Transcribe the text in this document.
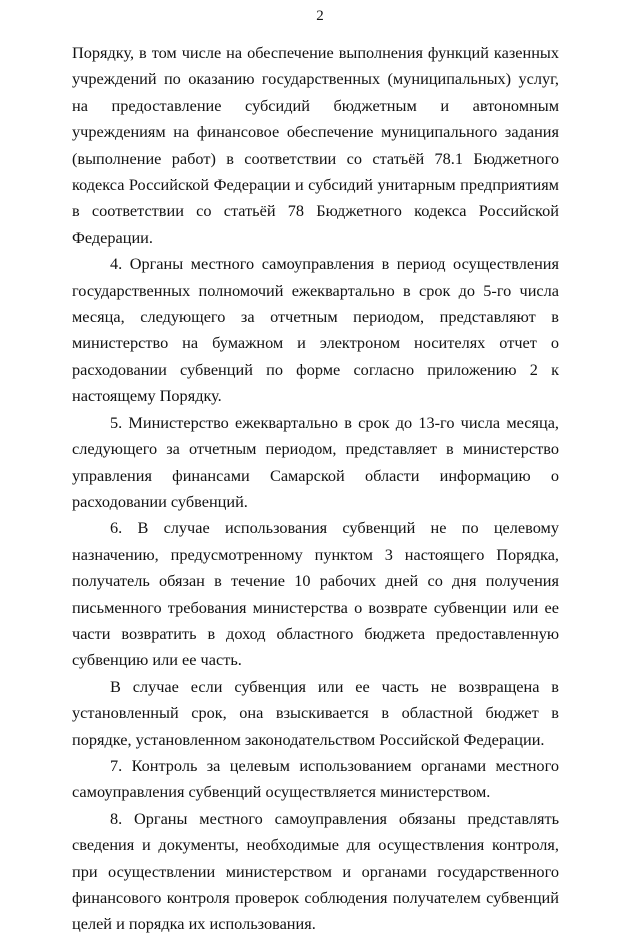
2

Порядку, в том числе на обеспечение выполнения функций казенных учреждений по оказанию государственных (муниципальных) услуг, на предоставление субсидий бюджетным и автономным учреждениям на финансовое обеспечение муниципального задания (выполнение работ) в соответствии со статьёй 78.1 Бюджетного кодекса Российской Федерации и субсидий унитарным предприятиям в соответствии со статьёй 78 Бюджетного кодекса Российской Федерации.

4. Органы местного самоуправления в период осуществления государственных полномочий ежеквартально в срок до 5-го числа месяца, следующего за отчетным периодом, представляют в министерство на бумажном и электроном носителях отчет о расходовании субвенций по форме согласно приложению 2 к настоящему Порядку.

5. Министерство ежеквартально в срок до 13-го числа месяца, следующего за отчетным периодом, представляет в министерство управления финансами Самарской области информацию о расходовании субвенций.

6. В случае использования субвенций не по целевому назначению, предусмотренному пунктом 3 настоящего Порядка, получатель обязан в течение 10 рабочих дней со дня получения письменного требования министерства о возврате субвенции или ее части возвратить в доход областного бюджета предоставленную субвенцию или ее часть.

В случае если субвенция или ее часть не возвращена в установленный срок, она взыскивается в областной бюджет в порядке, установленном законодательством Российской Федерации.

7. Контроль за целевым использованием органами местного самоуправления субвенций осуществляется министерством.

8. Органы местного самоуправления обязаны представлять сведения и документы, необходимые для осуществления контроля, при осуществлении министерством и органами государственного финансового контроля проверок соблюдения получателем субвенций целей и порядка их использования.
